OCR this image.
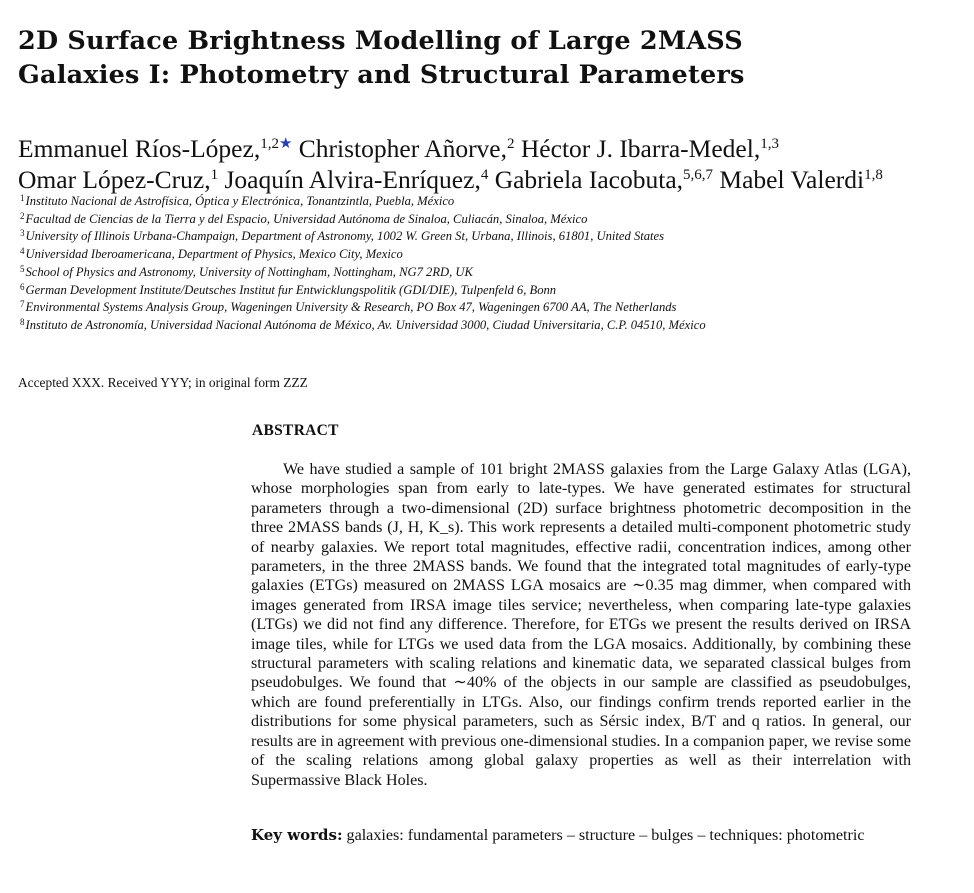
2D Surface Brightness Modelling of Large 2MASS
Galaxies I: Photometry and Structural Parameters
Emmanuel Ríos-López,$^{1,2★}$ Christopher Añorve,$^2$ Héctor J. Ibarra-Medel,$^{1,3}$
Omar López-Cruz,$^1$ Joaquín Alvira-Enríquez,$^4$ Gabriela Iacobuta,$^{5,6,7}$ Mabel Valerdi$^{1,8}$
$^1$Instituto Nacional de Astrofísica, Óptica y Electrónica, Tonantzintla, Puebla, México
$^2$Facultad de Ciencias de la Tierra y del Espacio, Universidad Autónoma de Sinaloa, Culiacán, Sinaloa, México
$^3$University of Illinois Urbana-Champaign, Department of Astronomy, 1002 W. Green St, Urbana, Illinois, 61801, United States
$^4$Universidad Iberoamericana, Department of Physics, Mexico City, Mexico
$^5$School of Physics and Astronomy, University of Nottingham, Nottingham, NG7 2RD, UK
$^6$German Development Institute/Deutsches Institut fur Entwicklungspolitik (GDI/DIE), Tulpenfeld 6, Bonn
$^7$Environmental Systems Analysis Group, Wageningen University & Research, PO Box 47, Wageningen 6700 AA, The Netherlands
$^8$Instituto de Astronomía, Universidad Nacional Autónoma de México, Av. Universidad 3000, Ciudad Universitaria, C.P. 04510, México
Accepted XXX. Received YYY; in original form ZZZ
ABSTRACT

We have studied a sample of 101 bright 2MASS galaxies from the Large Galaxy Atlas (LGA), whose morphologies span from early to late-types. We have generated estimates for structural parameters through a two-dimensional (2D) surface brightness photometric decomposition in the three 2MASS bands (J, H, K_s). This work represents a detailed multi-component photometric study of nearby galaxies. We report total magnitudes, effective radii, concentration indices, among other parameters, in the three 2MASS bands. We found that the integrated total magnitudes of early-type galaxies (ETGs) measured on 2MASS LGA mosaics are ∼0.35 mag dimmer, when compared with images generated from IRSA image tiles service; nevertheless, when comparing late-type galaxies (LTGs) we did not find any difference. Therefore, for ETGs we present the results derived on IRSA image tiles, while for LTGs we used data from the LGA mosaics. Additionally, by combining these structural parameters with scaling relations and kinematic data, we separated classical bulges from pseudobulges. We found that ∼40% of the objects in our sample are classified as pseudobulges, which are found preferentially in LTGs. Also, our findings confirm trends reported earlier in the distributions for some physical parameters, such as Sérsic index, B/T and q ratios. In general, our results are in agreement with previous one-dimensional studies. In a companion paper, we revise some of the scaling relations among global galaxy properties as well as their interrelation with Supermassive Black Holes.

Key words: galaxies: fundamental parameters – structure – bulges – techniques: photometric
